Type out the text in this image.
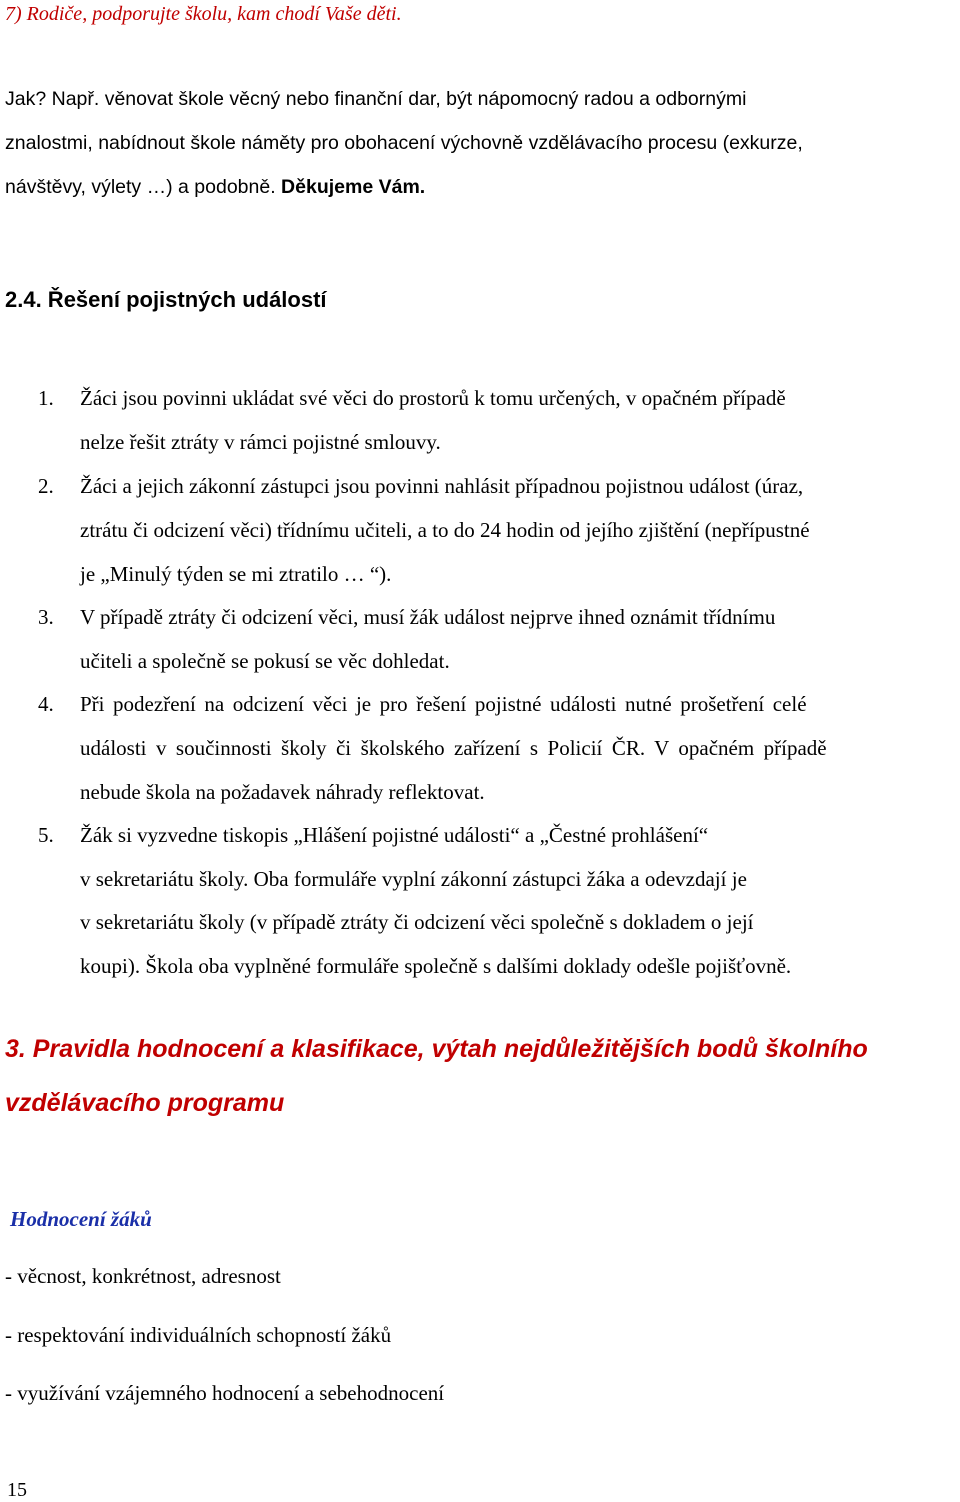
7) Rodiče, podporujte školu, kam chodí Vaše děti.
Jak? Např. věnovat škole věcný nebo finanční dar, být nápomocný radou a odbornými
znalostmi, nabídnout škole náměty pro obohacení výchovně vzdělávacího procesu (exkurze,
návštěvy, výlety …) a podobně. Děkujeme Vám.
2.4. Řešení pojistných událostí
1. Žáci jsou povinni ukládat své věci do prostorů k tomu určených, v opačném případě
nelze řešit ztráty v rámci pojistné smlouvy.
2. Žáci a jejich zákonní zástupci jsou povinni nahlásit případnou pojistnou událost (úraz,
ztrátu či odcizení věci) třídnímu učiteli, a to do 24 hodin od jejího zjištění (nepřípustné
je „Minulý týden se mi ztratilo … “).
3. V případě ztráty či odcizení věci, musí žák událost nejprve ihned oznámit třídnímu
učiteli a společně se pokusí se věc dohledat.
4. Při podezření na odcizení věci je pro řešení pojistné události nutné prošetření celé
události v součinnosti školy či školského zařízení s Policií ČR. V opačném případě
nebude škola na požadavek náhrady reflektovat.
5. Žák si vyzvedne tiskopis „Hlášení pojistné události“ a „Čestné prohlášení“
v sekretariátu školy. Oba formuláře vyplní zákonní zástupci žáka a odevzdají je
v sekretariátu školy (v případě ztráty či odcizení věci společně s dokladem o její
koupi). Škola oba vyplněné formuláře společně s dalšími doklady odešle pojišťovně.
3. Pravidla hodnocení a klasifikace, výtah nejdůležitějších bodů školního vzdělávacího programu
Hodnocení žáků
- věcnost, konkrétnost, adresnost
- respektování individuálních schopností žáků
- využívání vzájemného hodnocení a sebehodnocení
15
